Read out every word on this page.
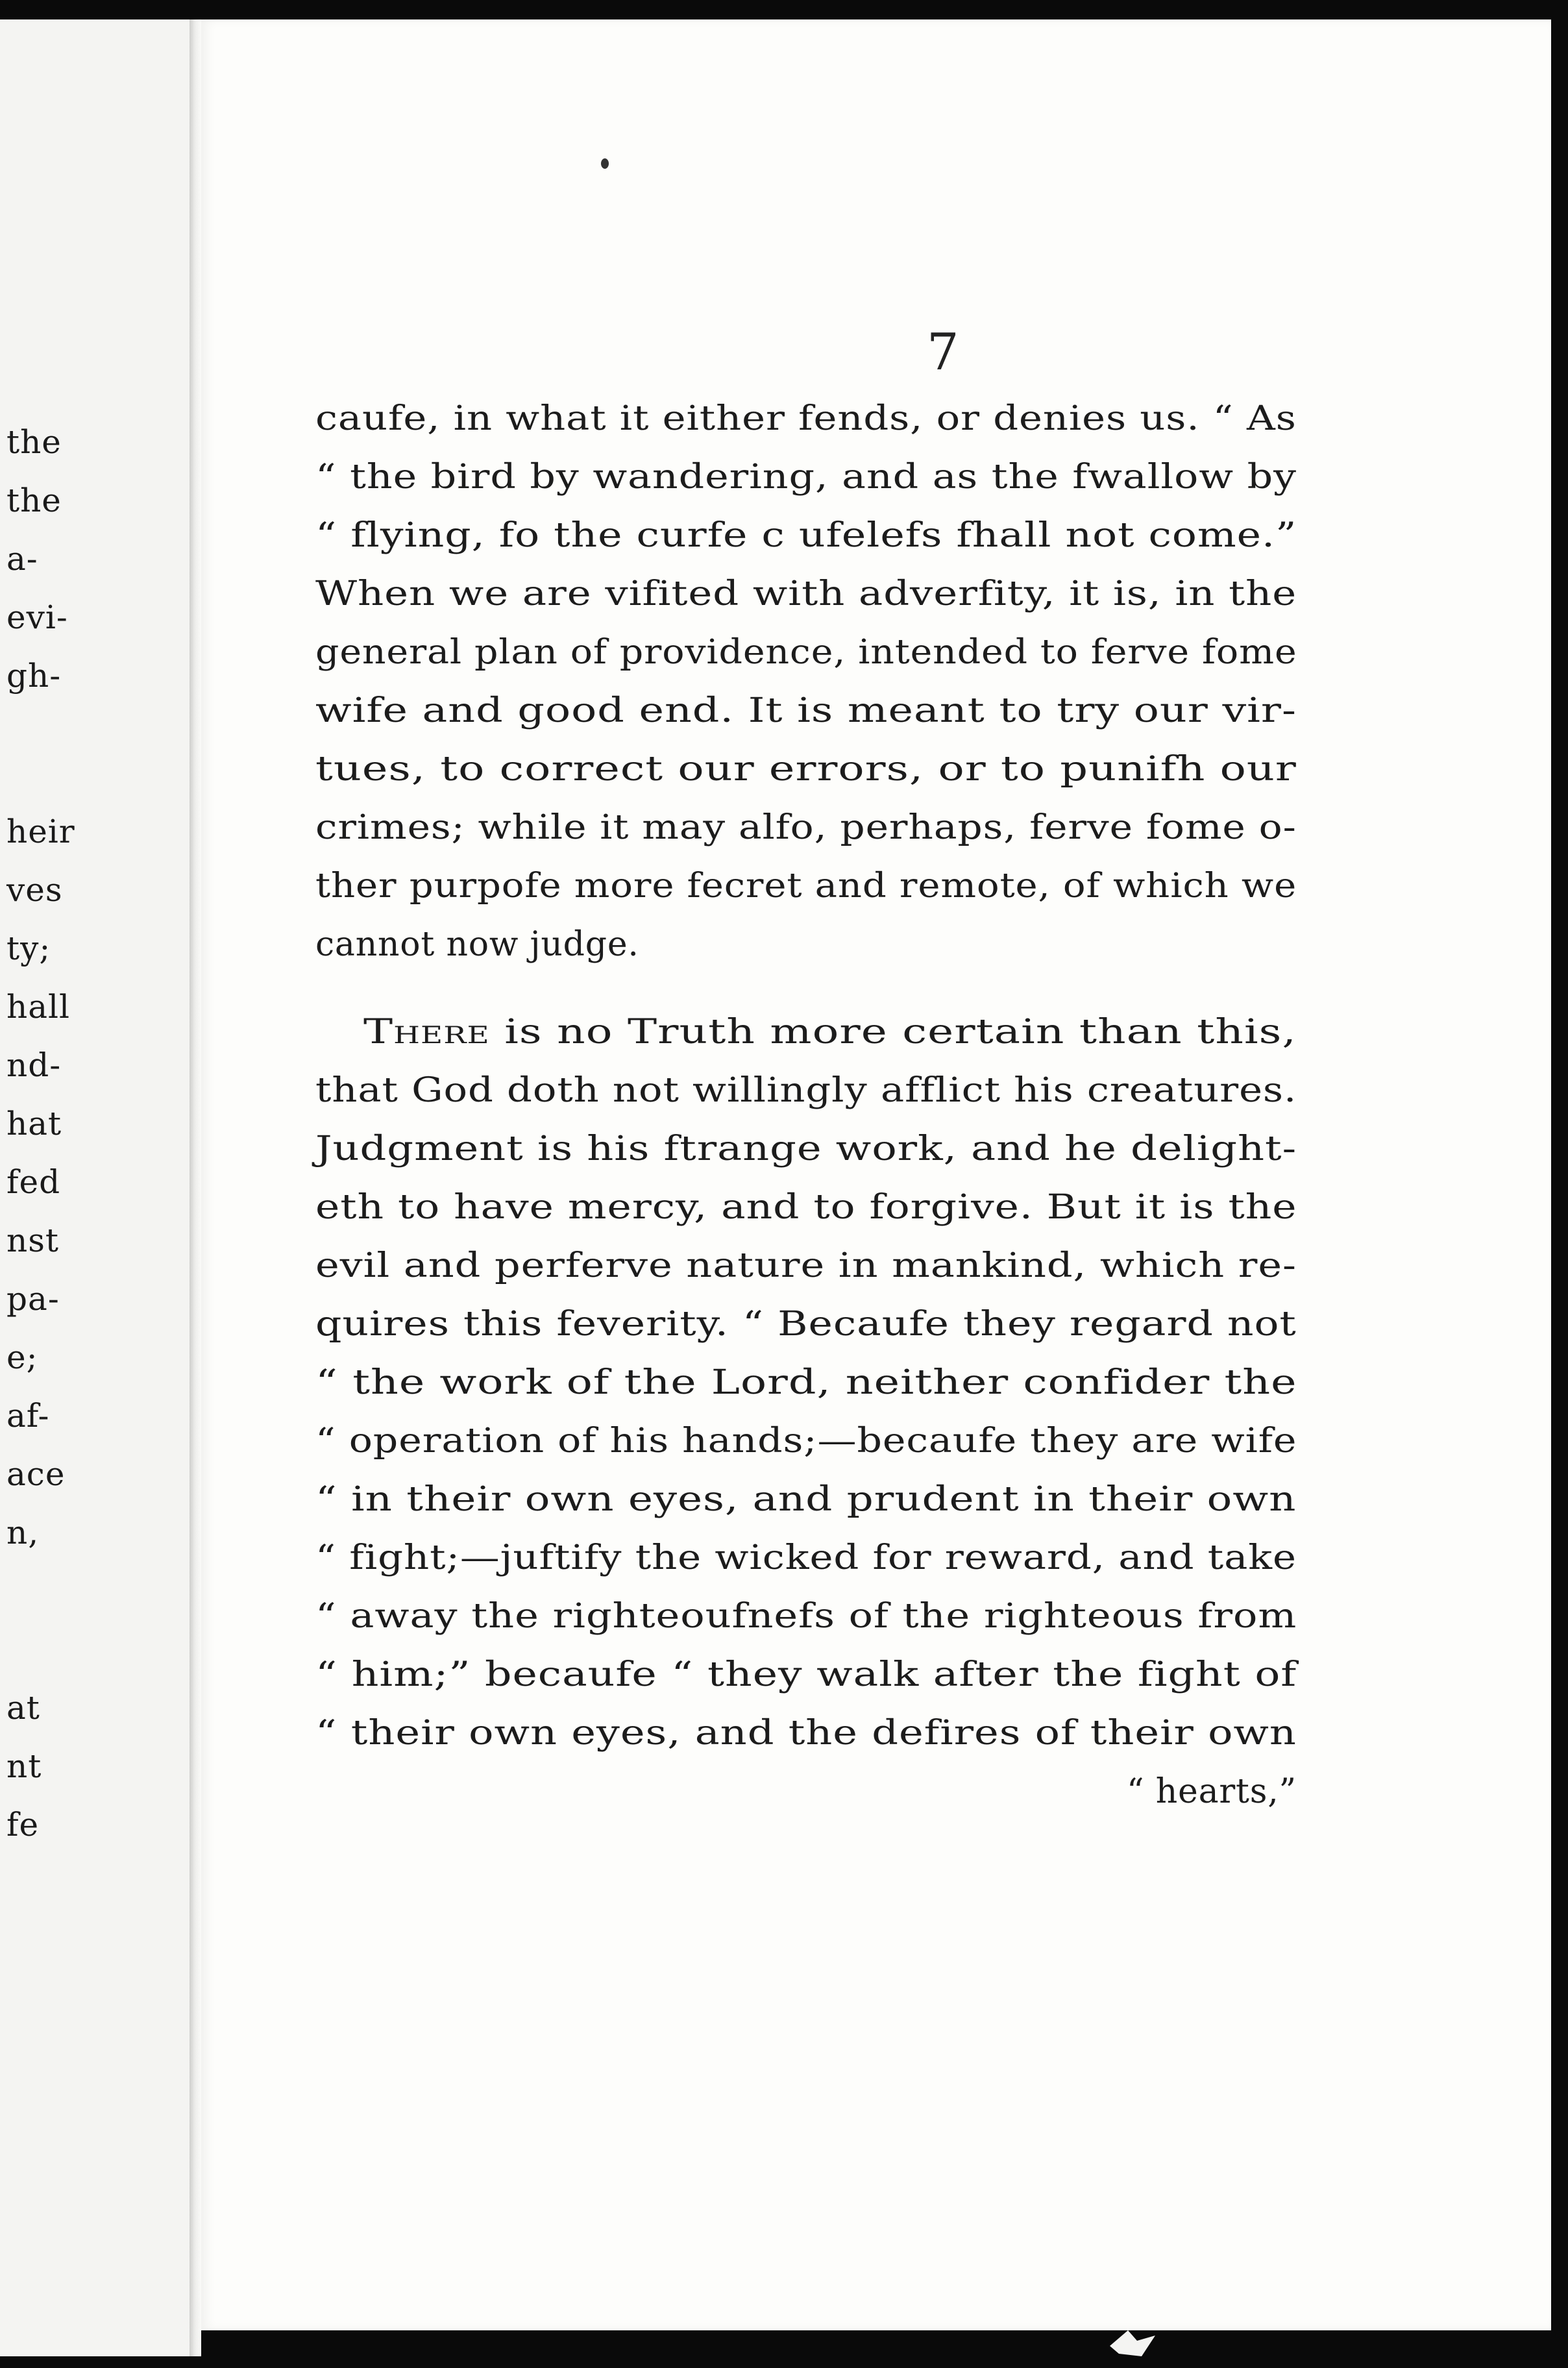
the
the
a-
evi-
gh-
heir
ves
ty;
hall
nd-
hat
fed
nst
pa-
e;
af-
ace
n,
at
nt
fe
7
caufe, in what it either fends, or denies us. “ As
“ the bird by wandering, and as the fwallow by
“ flying, fo the curfe c ufelefs fhall not come.”
When we are vifited with adverfity, it is, in the
general plan of providence, intended to ferve fome
wife and good end. It is meant to try our vir-
tues, to correct our errors, or to punifh our
crimes; while it may alfo, perhaps, ferve fome o-
ther purpofe more fecret and remote, of which we
cannot now judge.
There is no Truth more certain than this,
that God doth not willingly afflict his creatures.
Judgment is his ftrange work, and he delight-
eth to have mercy, and to forgive. But it is the
evil and perferve nature in mankind, which re-
quires this feverity. “ Becaufe they regard not
“ the work of the Lord, neither confider the
“ operation of his hands;—becaufe they are wife
“ in their own eyes, and prudent in their own
“ fight;—juftify the wicked for reward, and take
“ away the righteoufnefs of the righteous from
“ him;” becaufe “ they walk after the fight of
“ their own eyes, and the defires of their own
“ hearts,”
